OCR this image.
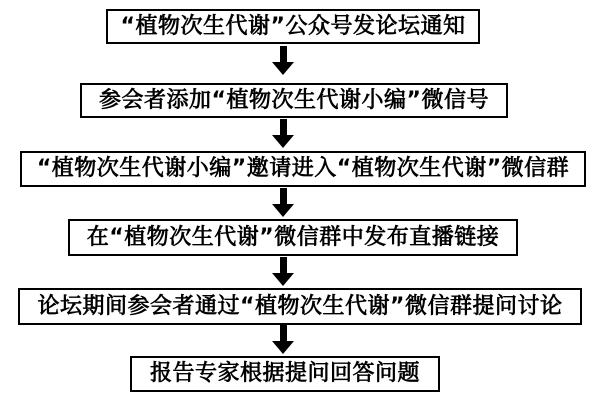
“植物次生代谢”公众号发论坛通知
参会者添加“植物次生代谢小编”微信号
“植物次生代谢小编”邀请进入“植物次生代谢”微信群
在“植物次生代谢”微信群中发布直播链接
论坛期间参会者通过“植物次生代谢”微信群提问讨论
报告专家根据提问回答问题
